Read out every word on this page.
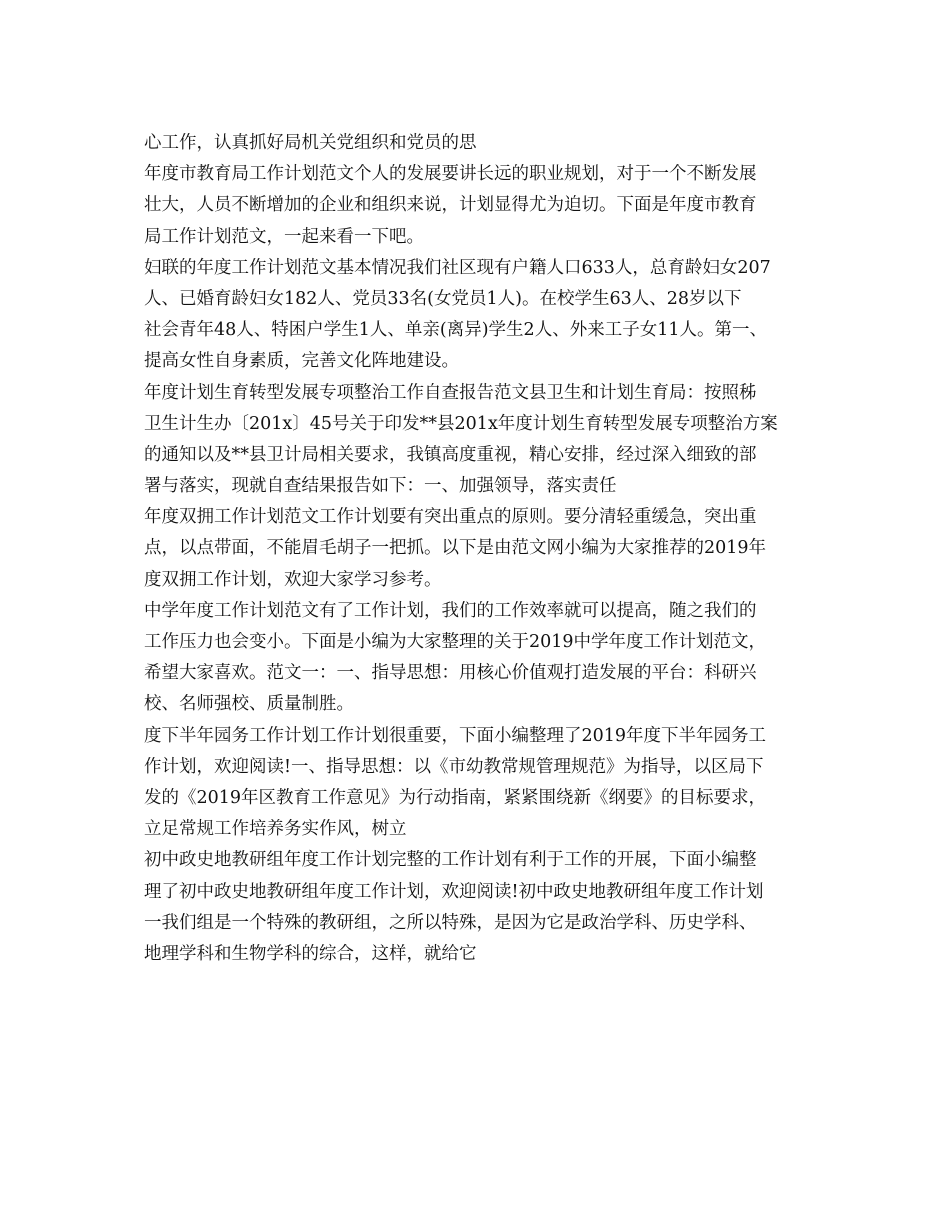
心工作，认真抓好局机关党组织和党员的思
年度市教育局工作计划范文个人的发展要讲长远的职业规划，对于一个不断发展
壮大，人员不断增加的企业和组织来说，计划显得尤为迫切。下面是年度市教育
局工作计划范文，一起来看一下吧。
妇联的年度工作计划范文基本情况我们社区现有户籍人口633人，总育龄妇女207
人、已婚育龄妇女182人、党员33名(女党员1人)。在校学生63人、28岁以下
社会青年48人、特困户学生1人、单亲(离异)学生2人、外来工子女11人。第一、
提高女性自身素质，完善文化阵地建设。
年度计划生育转型发展专项整治工作自查报告范文县卫生和计划生育局：按照秭
卫生计生办〔201x〕45号关于印发**县201x年度计划生育转型发展专项整治方案
的通知以及**县卫计局相关要求，我镇高度重视，精心安排，经过深入细致的部
署与落实，现就自查结果报告如下：一、加强领导，落实责任
年度双拥工作计划范文工作计划要有突出重点的原则。要分清轻重缓急，突出重
点，以点带面，不能眉毛胡子一把抓。以下是由范文网小编为大家推荐的2019年
度双拥工作计划，欢迎大家学习参考。
中学年度工作计划范文有了工作计划，我们的工作效率就可以提高，随之我们的
工作压力也会变小。下面是小编为大家整理的关于2019中学年度工作计划范文，
希望大家喜欢。范文一：一、指导思想：用核心价值观打造发展的平台：科研兴
校、名师强校、质量制胜。
度下半年园务工作计划工作计划很重要，下面小编整理了2019年度下半年园务工
作计划，欢迎阅读!一、指导思想：以《市幼教常规管理规范》为指导，以区局下
发的《2019年区教育工作意见》为行动指南，紧紧围绕新《纲要》的目标要求，
立足常规工作培养务实作风，树立
初中政史地教研组年度工作计划完整的工作计划有利于工作的开展，下面小编整
理了初中政史地教研组年度工作计划，欢迎阅读!初中政史地教研组年度工作计划
一我们组是一个特殊的教研组，之所以特殊，是因为它是政治学科、历史学科、
地理学科和生物学科的综合，这样，就给它
